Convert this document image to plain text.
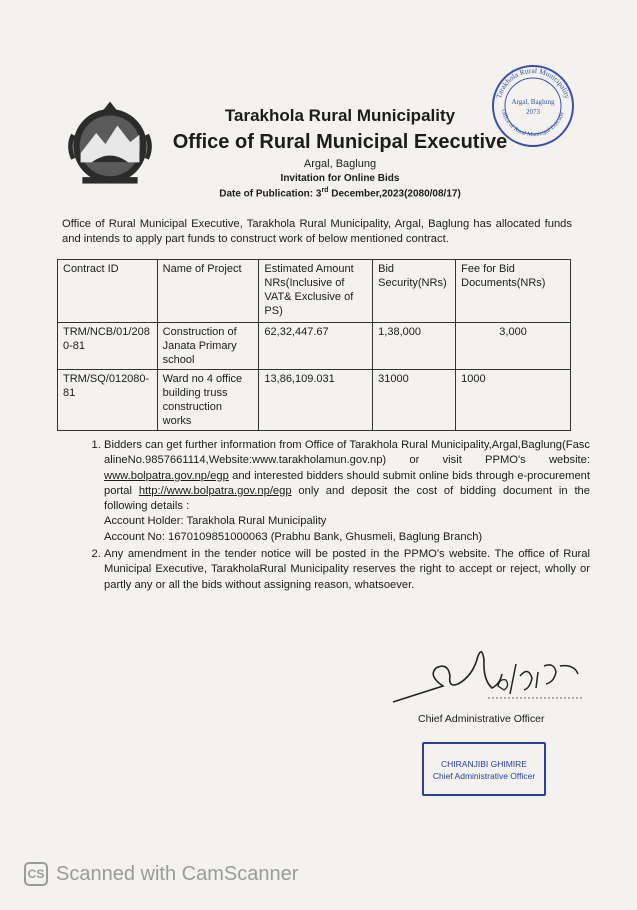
Tarakhola Rural Municipality
Office of Rural Municipal Executiv
Argal, Baglung
2073
Tarakhola Rural Municipality
Office of Rural Municipal Executive
Argal, Baglung
Invitation for Online Bids
Date of Publication: 3rd December,2023(2080/08/17)

Office of Rural Municipal Executive, Tarakhola Rural Municipality, Argal, Baglung has allocated funds and intends to apply part funds to construct work of below mentioned contract.

Contract ID	Name of Project	Estimated Amount NRs(Inclusive of VAT& Exclusive of PS)	Bid Security(NRs)	Fee for Bid Documents(NRs)
TRM/NCB/01/2080-81	Construction of Janata Primary school	62,32,447.67	1,38,000	3,000
TRM/SQ/012080-81	Ward no 4 office building truss construction works	13,86,109.031	31000	1000
1. Bidders can get further information from Office of Tarakhola Rural Municipality,Argal,Baglung(FascalineNo.9857661114,Website:www.tarakholamun.gov.np) or visit PPMO's website: www.bolpatra.gov.np/egp and interested bidders should submit online bids through e-procurement portal http://www.bolpatra.gov.np/egp only and deposit the cost of bidding document in the following details :
Account Holder: Tarakhola Rural Municipality
Account No: 1670109851000063 (Prabhu Bank, Ghusmeli, Baglung Branch)
2. Any amendment in the tender notice will be posted in the PPMO's website. The office of Rural Municipal Executive, TarakholaRural Municipality reserves the right to accept or reject, wholly or partly any or all the bids without assigning reason, whatsoever.
Chief Administrative Officer
CHIRANJIBI GHIMIRE
Chief Administrative Officer
CS Scanned with CamScanner
